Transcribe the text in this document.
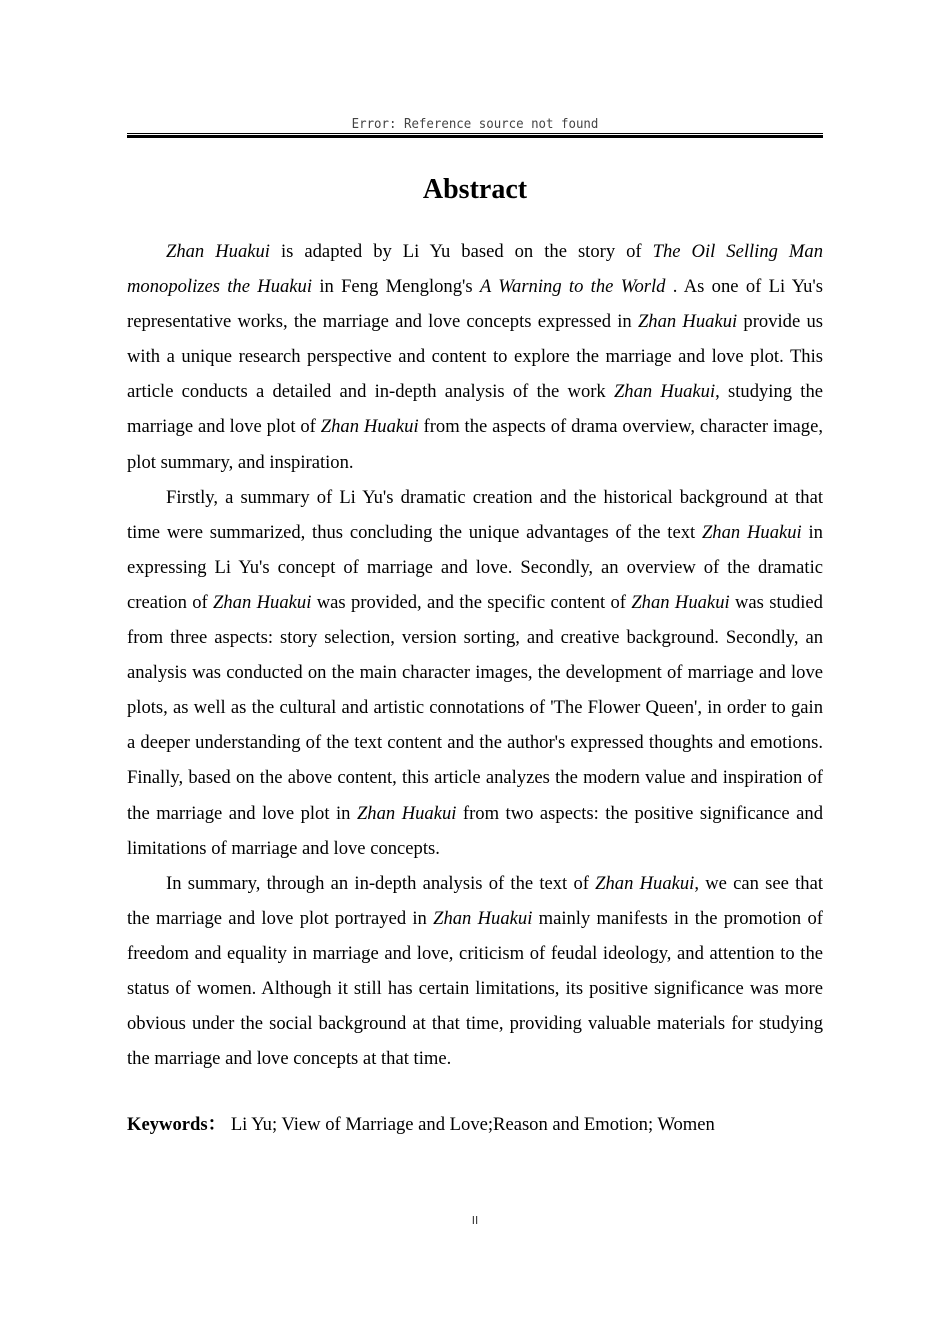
Error: Reference source not found
Abstract

Zhan Huakui is adapted by Li Yu based on the story of The Oil Selling Man monopolizes the Huakui in Feng Menglong's A Warning to the World . As one of Li Yu's representative works, the marriage and love concepts expressed in Zhan Huakui provide us with a unique research perspective and content to explore the marriage and love plot. This article conducts a detailed and in-depth analysis of the work Zhan Huakui, studying the marriage and love plot of Zhan Huakui from the aspects of drama overview, character image, plot summary, and inspiration.

Firstly, a summary of Li Yu's dramatic creation and the historical background at that time were summarized, thus concluding the unique advantages of the text Zhan Huakui in expressing Li Yu's concept of marriage and love. Secondly, an overview of the dramatic creation of Zhan Huakui was provided, and the specific content of Zhan Huakui was studied from three aspects: story selection, version sorting, and creative background. Secondly, an analysis was conducted on the main character images, the development of marriage and love plots, as well as the cultural and artistic connotations of 'The Flower Queen', in order to gain a deeper understanding of the text content and the author's expressed thoughts and emotions. Finally, based on the above content, this article analyzes the modern value and inspiration of the marriage and love plot in Zhan Huakui from two aspects: the positive significance and limitations of marriage and love concepts.

In summary, through an in-depth analysis of the text of Zhan Huakui, we can see that the marriage and love plot portrayed in Zhan Huakui mainly manifests in the promotion of freedom and equality in marriage and love, criticism of feudal ideology, and attention to the status of women. Although it still has certain limitations, its positive significance was more obvious under the social background at that time, providing valuable materials for studying the marriage and love concepts at that time.

Keywords： Li Yu; View of Marriage and Love;Reason and Emotion; Women
II
